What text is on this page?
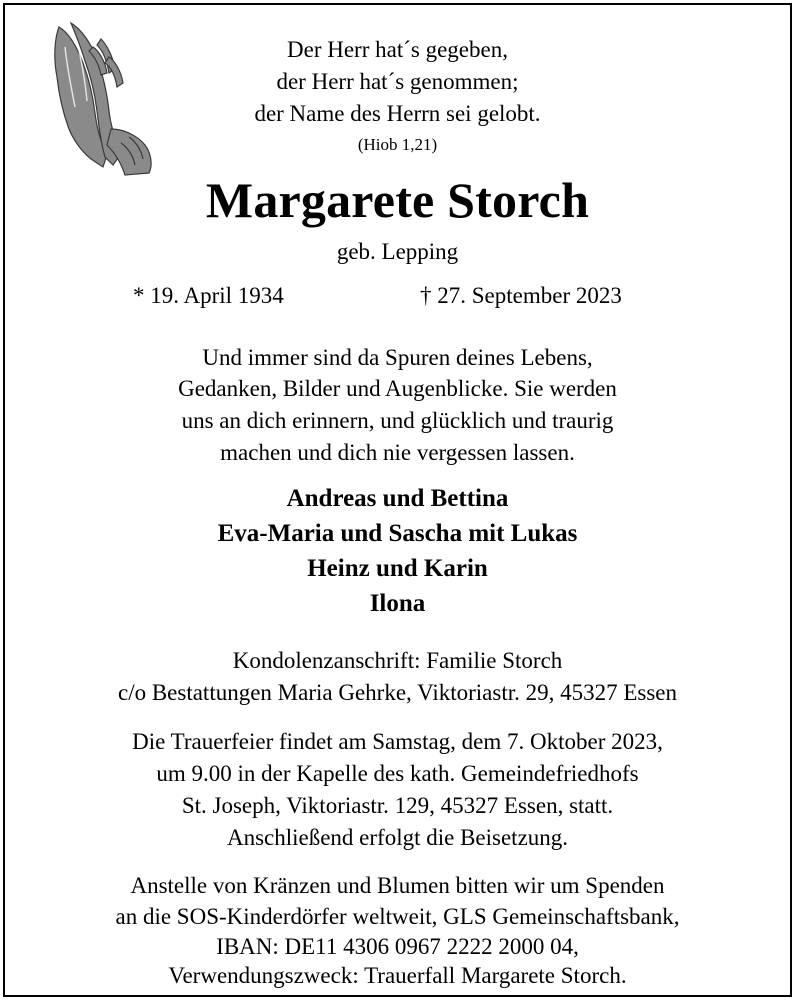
Der Herr hat´s gegeben,
der Herr hat´s genommen;
der Name des Herrn sei gelobt.
(Hiob 1,21)
Margarete Storch
geb. Lepping
* 19. April 1934	† 27. September 2023
Und immer sind da Spuren deines Lebens,
Gedanken, Bilder und Augenblicke. Sie werden
uns an dich erinnern, und glücklich und traurig
machen und dich nie vergessen lassen.
Andreas und Bettina
Eva-Maria und Sascha mit Lukas
Heinz und Karin
Ilona
Kondolenzanschrift: Familie Storch
c/o Bestattungen Maria Gehrke, Viktoriastr. 29, 45327 Essen
Die Trauerfeier findet am Samstag, dem 7. Oktober 2023,
um 9.00 in der Kapelle des kath. Gemeindefriedhofs
St. Joseph, Viktoriastr. 129, 45327 Essen, statt.
Anschließend erfolgt die Beisetzung.
Anstelle von Kränzen und Blumen bitten wir um Spenden
an die SOS-Kinderdörfer weltweit, GLS Gemeinschaftsbank,
IBAN: DE11 4306 0967 2222 2000 04,
Verwendungszweck: Trauerfall Margarete Storch.
